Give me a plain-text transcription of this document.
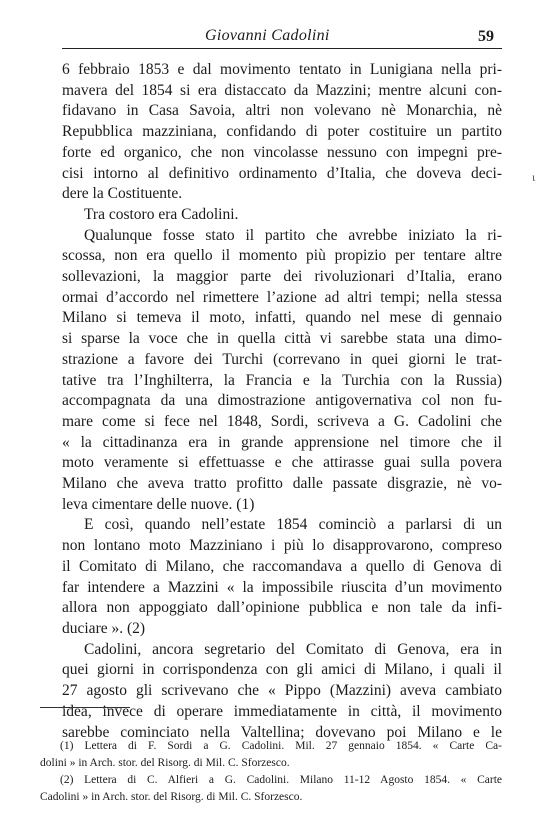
Giovanni Cadolini	59
6 febbraio 1853 e dal movimento tentato in Lunigiana nella pri-
mavera del 1854 si era distaccato da Mazzini; mentre alcuni con-
fidavano in Casa Savoia, altri non volevano nè Monarchia, nè
Repubblica mazziniana, confidando di poter costituire un partito
forte ed organico, che non vincolasse nessuno con impegni pre-
cisi intorno al definitivo ordinamento d’Italia, che doveva deci-
dere la Costituente.
Tra costoro era Cadolini.
Qualunque fosse stato il partito che avrebbe iniziato la ri-
scossa, non era quello il momento più propizio per tentare altre
sollevazioni, la maggior parte dei rivoluzionari d’Italia, erano
ormai d’accordo nel rimettere l’azione ad altri tempi; nella stessa
Milano si temeva il moto, infatti, quando nel mese di gennaio
si sparse la voce che in quella città vi sarebbe stata una dimo-
strazione a favore dei Turchi (correvano in quei giorni le trat-
tative tra l’Inghilterra, la Francia e la Turchia con la Russia)
accompagnata da una dimostrazione antigovernativa col non fu-
mare come si fece nel 1848, Sordi, scriveva a G. Cadolini che
« la cittadinanza era in grande apprensione nel timore che il
moto veramente si effettuasse e che attirasse guai sulla povera
Milano che aveva tratto profitto dalle passate disgrazie, nè vo-
leva cimentare delle nuove. (1)
E così, quando nell’estate 1854 cominciò a parlarsi di un
non lontano moto Mazziniano i più lo disapprovarono, compreso
il Comitato di Milano, che raccomandava a quello di Genova di
far intendere a Mazzini « la impossibile riuscita d’un movimento
allora non appoggiato dall’opinione pubblica e non tale da infi-
duciare ». (2)
Cadolini, ancora segretario del Comitato di Genova, era in
quei giorni in corrispondenza con gli amici di Milano, i quali il
27 agosto gli scrivevano che « Pippo (Mazzini) aveva cambiato
idea, invece di operare immediatamente in città, il movimento
sarebbe cominciato nella Valtellina; dovevano poi Milano e le
ι
(1) Lettera di F. Sordi a G. Cadolini. Mil. 27 gennaio 1854. « Carte Ca-
dolini » in Arch. stor. del Risorg. di Mil. C. Sforzesco.
(2) Lettera di C. Alfieri a G. Cadolini. Milano 11-12 Agosto 1854. « Carte
Cadolini » in Arch. stor. del Risorg. di Mil. C. Sforzesco.
